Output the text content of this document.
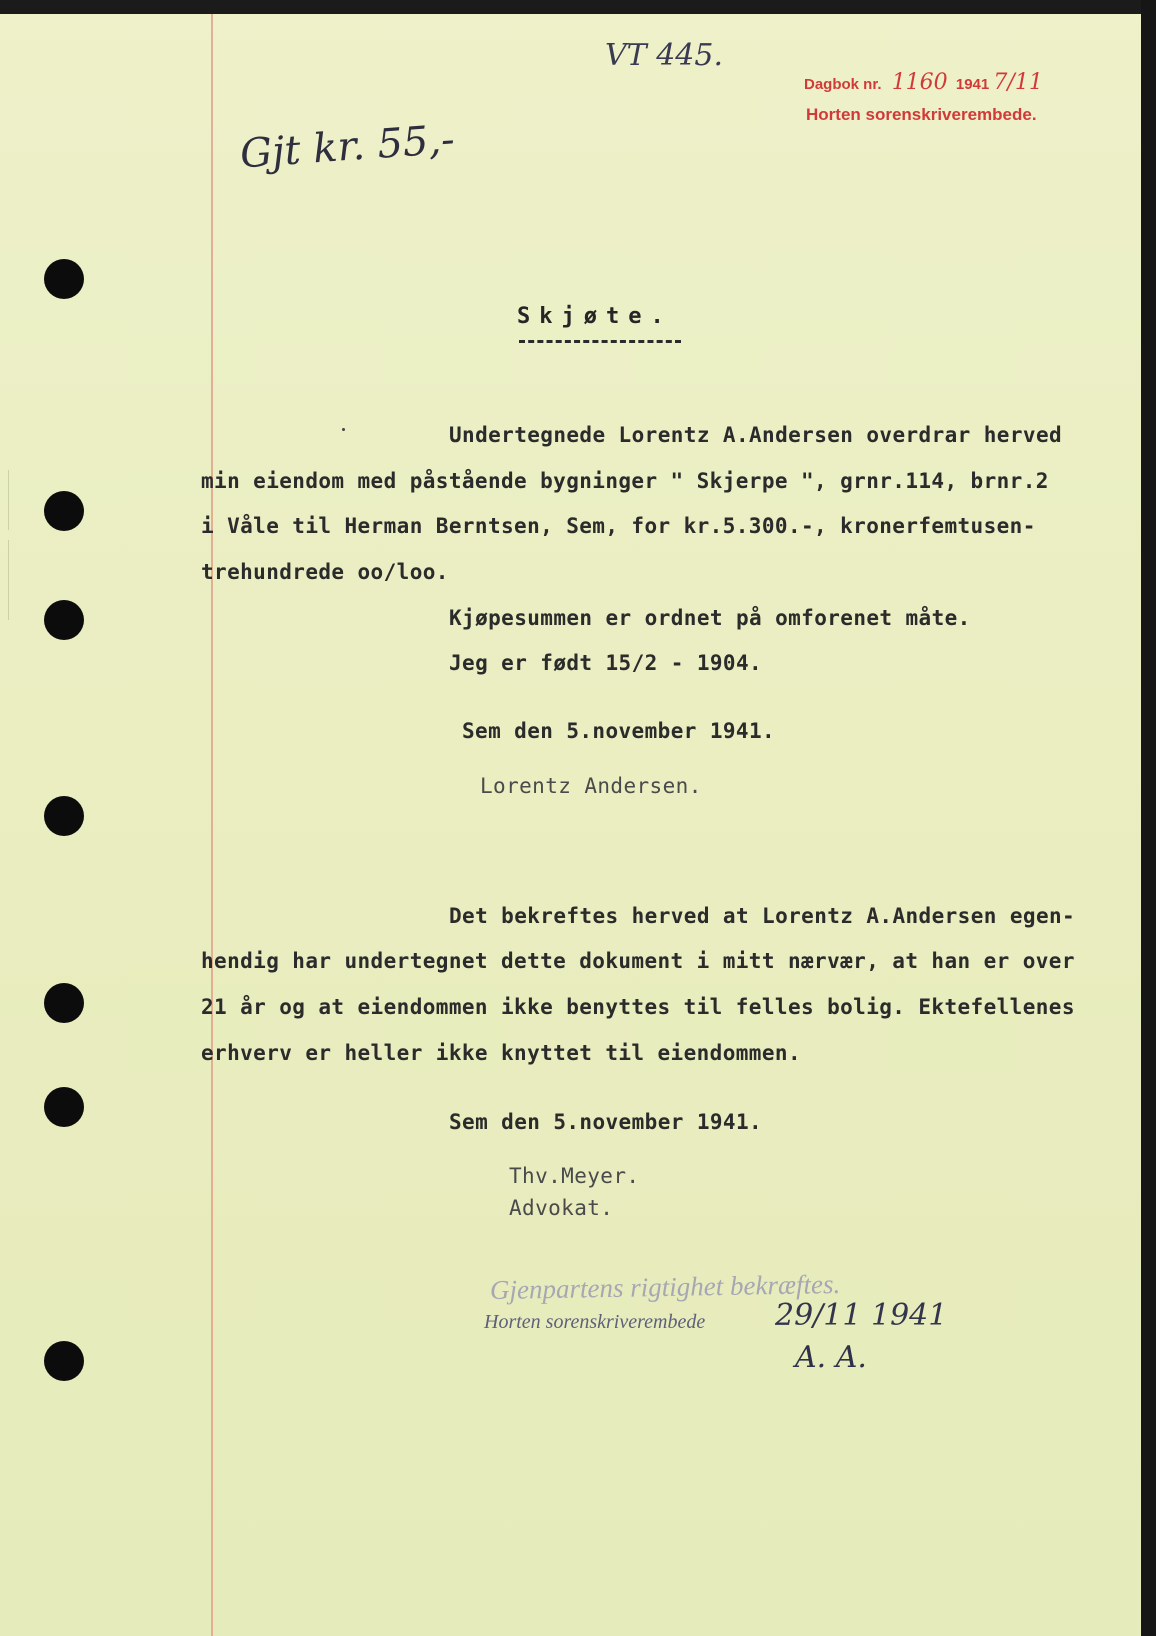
VT 445.
Dagbok nr. 1160 1941 7/11
Horten sorenskriverembede.
Gjt kr. 55,-
Skjøte.
Undertegnede Lorentz A.Andersen overdrar herved
min eiendom med påstående bygninger " Skjerpe ", grnr.114, brnr.2
i Våle til Herman Berntsen, Sem, for kr.5.300.-, kronerfemtusen-
trehundrede oo/loo.
Kjøpesummen er ordnet på omforenet måte.
Jeg er født 15/2 - 1904.
Sem den 5.november 1941.
Lorentz Andersen.
Det bekreftes herved at Lorentz A.Andersen egen-
hendig har undertegnet dette dokument i mitt nærvær, at han er over
21 år og at eiendommen ikke benyttes til felles bolig. Ektefellenes
erhverv er heller ikke knyttet til eiendommen.
Sem den 5.november 1941.
Thv.Meyer.
Advokat.
Gjenpartens rigtighet bekræftes.
Horten sorenskriverembede 29/11 1941
A. A.
